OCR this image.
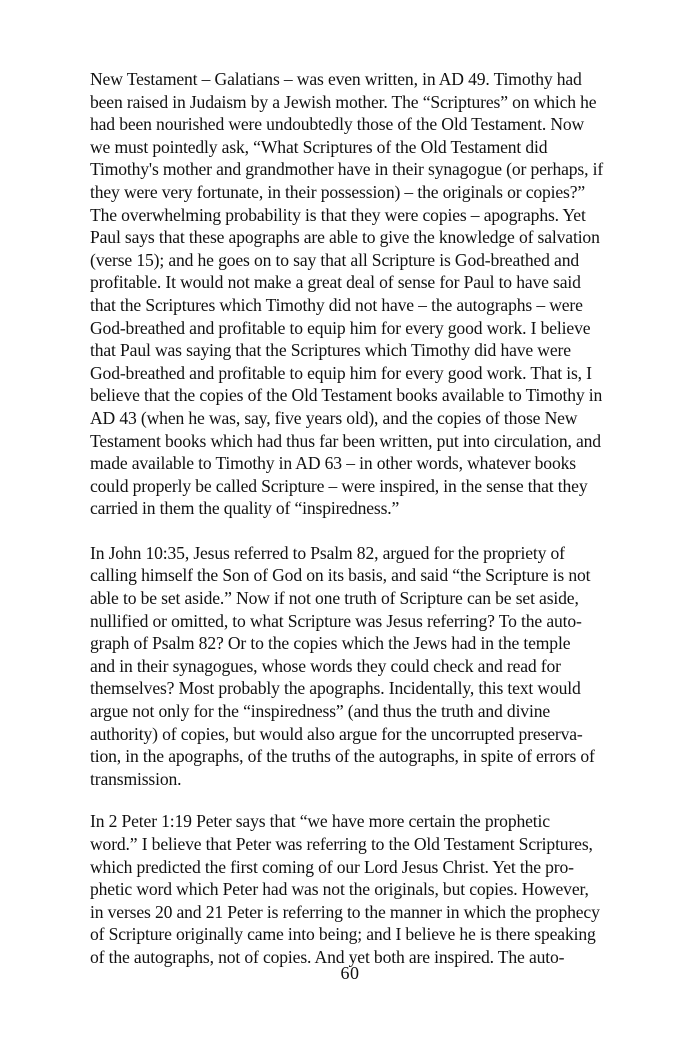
New Testament – Galatians – was even written, in AD 49. Timothy had
been raised in Judaism by a Jewish mother. The “Scriptures” on which he
had been nourished were undoubtedly those of the Old Testament. Now
we must pointedly ask, “What Scriptures of the Old Testament did
Timothy's mother and grandmother have in their synagogue (or perhaps, if
they were very fortunate, in their possession) – the originals or copies?”
The overwhelming probability is that they were copies – apographs. Yet
Paul says that these apographs are able to give the knowledge of salvation
(verse 15); and he goes on to say that all Scripture is God-breathed and
profitable. It would not make a great deal of sense for Paul to have said
that the Scriptures which Timothy did not have – the autographs – were
God-breathed and profitable to equip him for every good work. I believe
that Paul was saying that the Scriptures which Timothy did have were
God-breathed and profitable to equip him for every good work. That is, I
believe that the copies of the Old Testament books available to Timothy in
AD 43 (when he was, say, five years old), and the copies of those New
Testament books which had thus far been written, put into circulation, and
made available to Timothy in AD 63 – in other words, whatever books
could properly be called Scripture – were inspired, in the sense that they
carried in them the quality of “inspiredness.”
In John 10:35, Jesus referred to Psalm 82, argued for the propriety of
calling himself the Son of God on its basis, and said “the Scripture is not
able to be set aside.” Now if not one truth of Scripture can be set aside,
nullified or omitted, to what Scripture was Jesus referring? To the auto-
graph of Psalm 82? Or to the copies which the Jews had in the temple
and in their synagogues, whose words they could check and read for
themselves? Most probably the apographs. Incidentally, this text would
argue not only for the “inspiredness” (and thus the truth and divine
authority) of copies, but would also argue for the uncorrupted preserva-
tion, in the apographs, of the truths of the autographs, in spite of errors of
transmission.
In 2 Peter 1:19 Peter says that “we have more certain the prophetic
word.” I believe that Peter was referring to the Old Testament Scriptures,
which predicted the first coming of our Lord Jesus Christ. Yet the pro-
phetic word which Peter had was not the originals, but copies. However,
in verses 20 and 21 Peter is referring to the manner in which the prophecy
of Scripture originally came into being; and I believe he is there speaking
of the autographs, not of copies. And yet both are inspired. The auto-
60
